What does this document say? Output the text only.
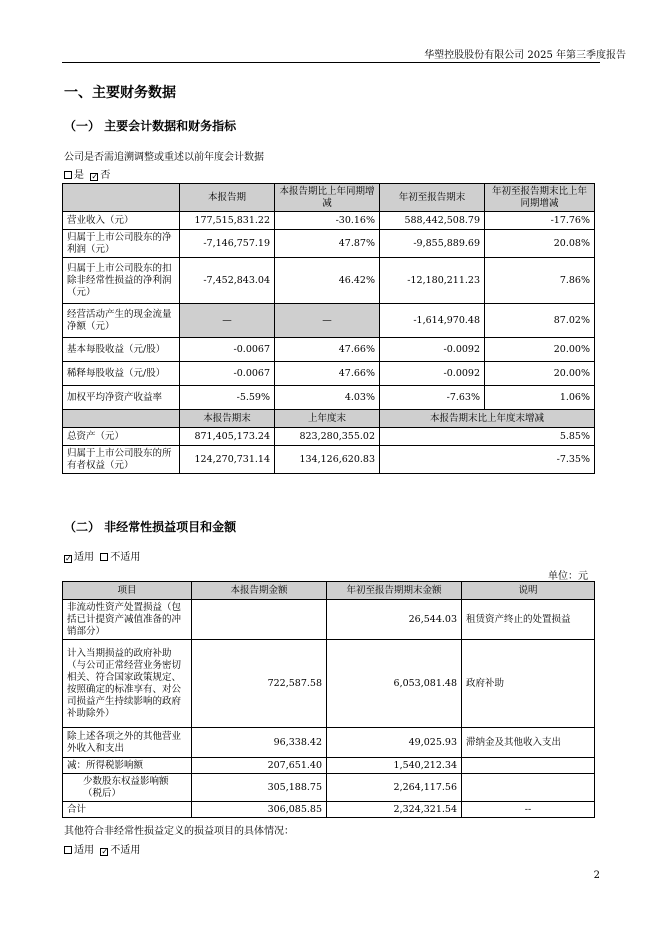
华塑控股股份有限公司 2025 年第三季度报告
一、主要财务数据
（一） 主要会计数据和财务指标
公司是否需追溯调整或重述以前年度会计数据
是 ✓ 否
	本报告期	本报告期比上年同期增减	年初至报告期末	年初至报告期末比上年同期增减
营业收入（元）	177,515,831.22	-30.16%	588,442,508.79	-17.76%
归属于上市公司股东的净利润（元）	-7,146,757.19	47.87%	-9,855,889.69	20.08%
归属于上市公司股东的扣除非经常性损益的净利润（元）	-7,452,843.04	46.42%	-12,180,211.23	7.86%
经营活动产生的现金流量净额（元）	—	—	-1,614,970.48	87.02%
基本每股收益（元/股）	-0.0067	47.66%	-0.0092	20.00%
稀释每股收益（元/股）	-0.0067	47.66%	-0.0092	20.00%
加权平均净资产收益率	-5.59%	4.03%	-7.63%	1.06%
	本报告期末	上年度末	本报告期末比上年度末增减	
总资产（元）	871,405,173.24	823,280,355.02	5.85%	
归属于上市公司股东的所有者权益（元）	124,270,731.14	134,126,620.83	-7.35%	
（二） 非经常性损益项目和金额
✓ 适用 不适用
单位：元
项目	本报告期金额	年初至报告期期末金额	说明
非流动性资产处置损益（包括已计提资产减值准备的冲销部分）		26,544.03	租赁资产终止的处置损益
计入当期损益的政府补助（与公司正常经营业务密切相关、符合国家政策规定、按照确定的标准享有、对公司损益产生持续影响的政府补助除外）	722,587.58	6,053,081.48	政府补助
除上述各项之外的其他营业外收入和支出	96,338.42	49,025.93	滞纳金及其他收入支出
减：所得税影响额	207,651.40	1,540,212.34	
少数股东权益影响额（税后）	305,188.75	2,264,117.56	
合计	306,085.85	2,324,321.54	--
其他符合非经常性损益定义的损益项目的具体情况：
适用 ✓ 不适用
2
